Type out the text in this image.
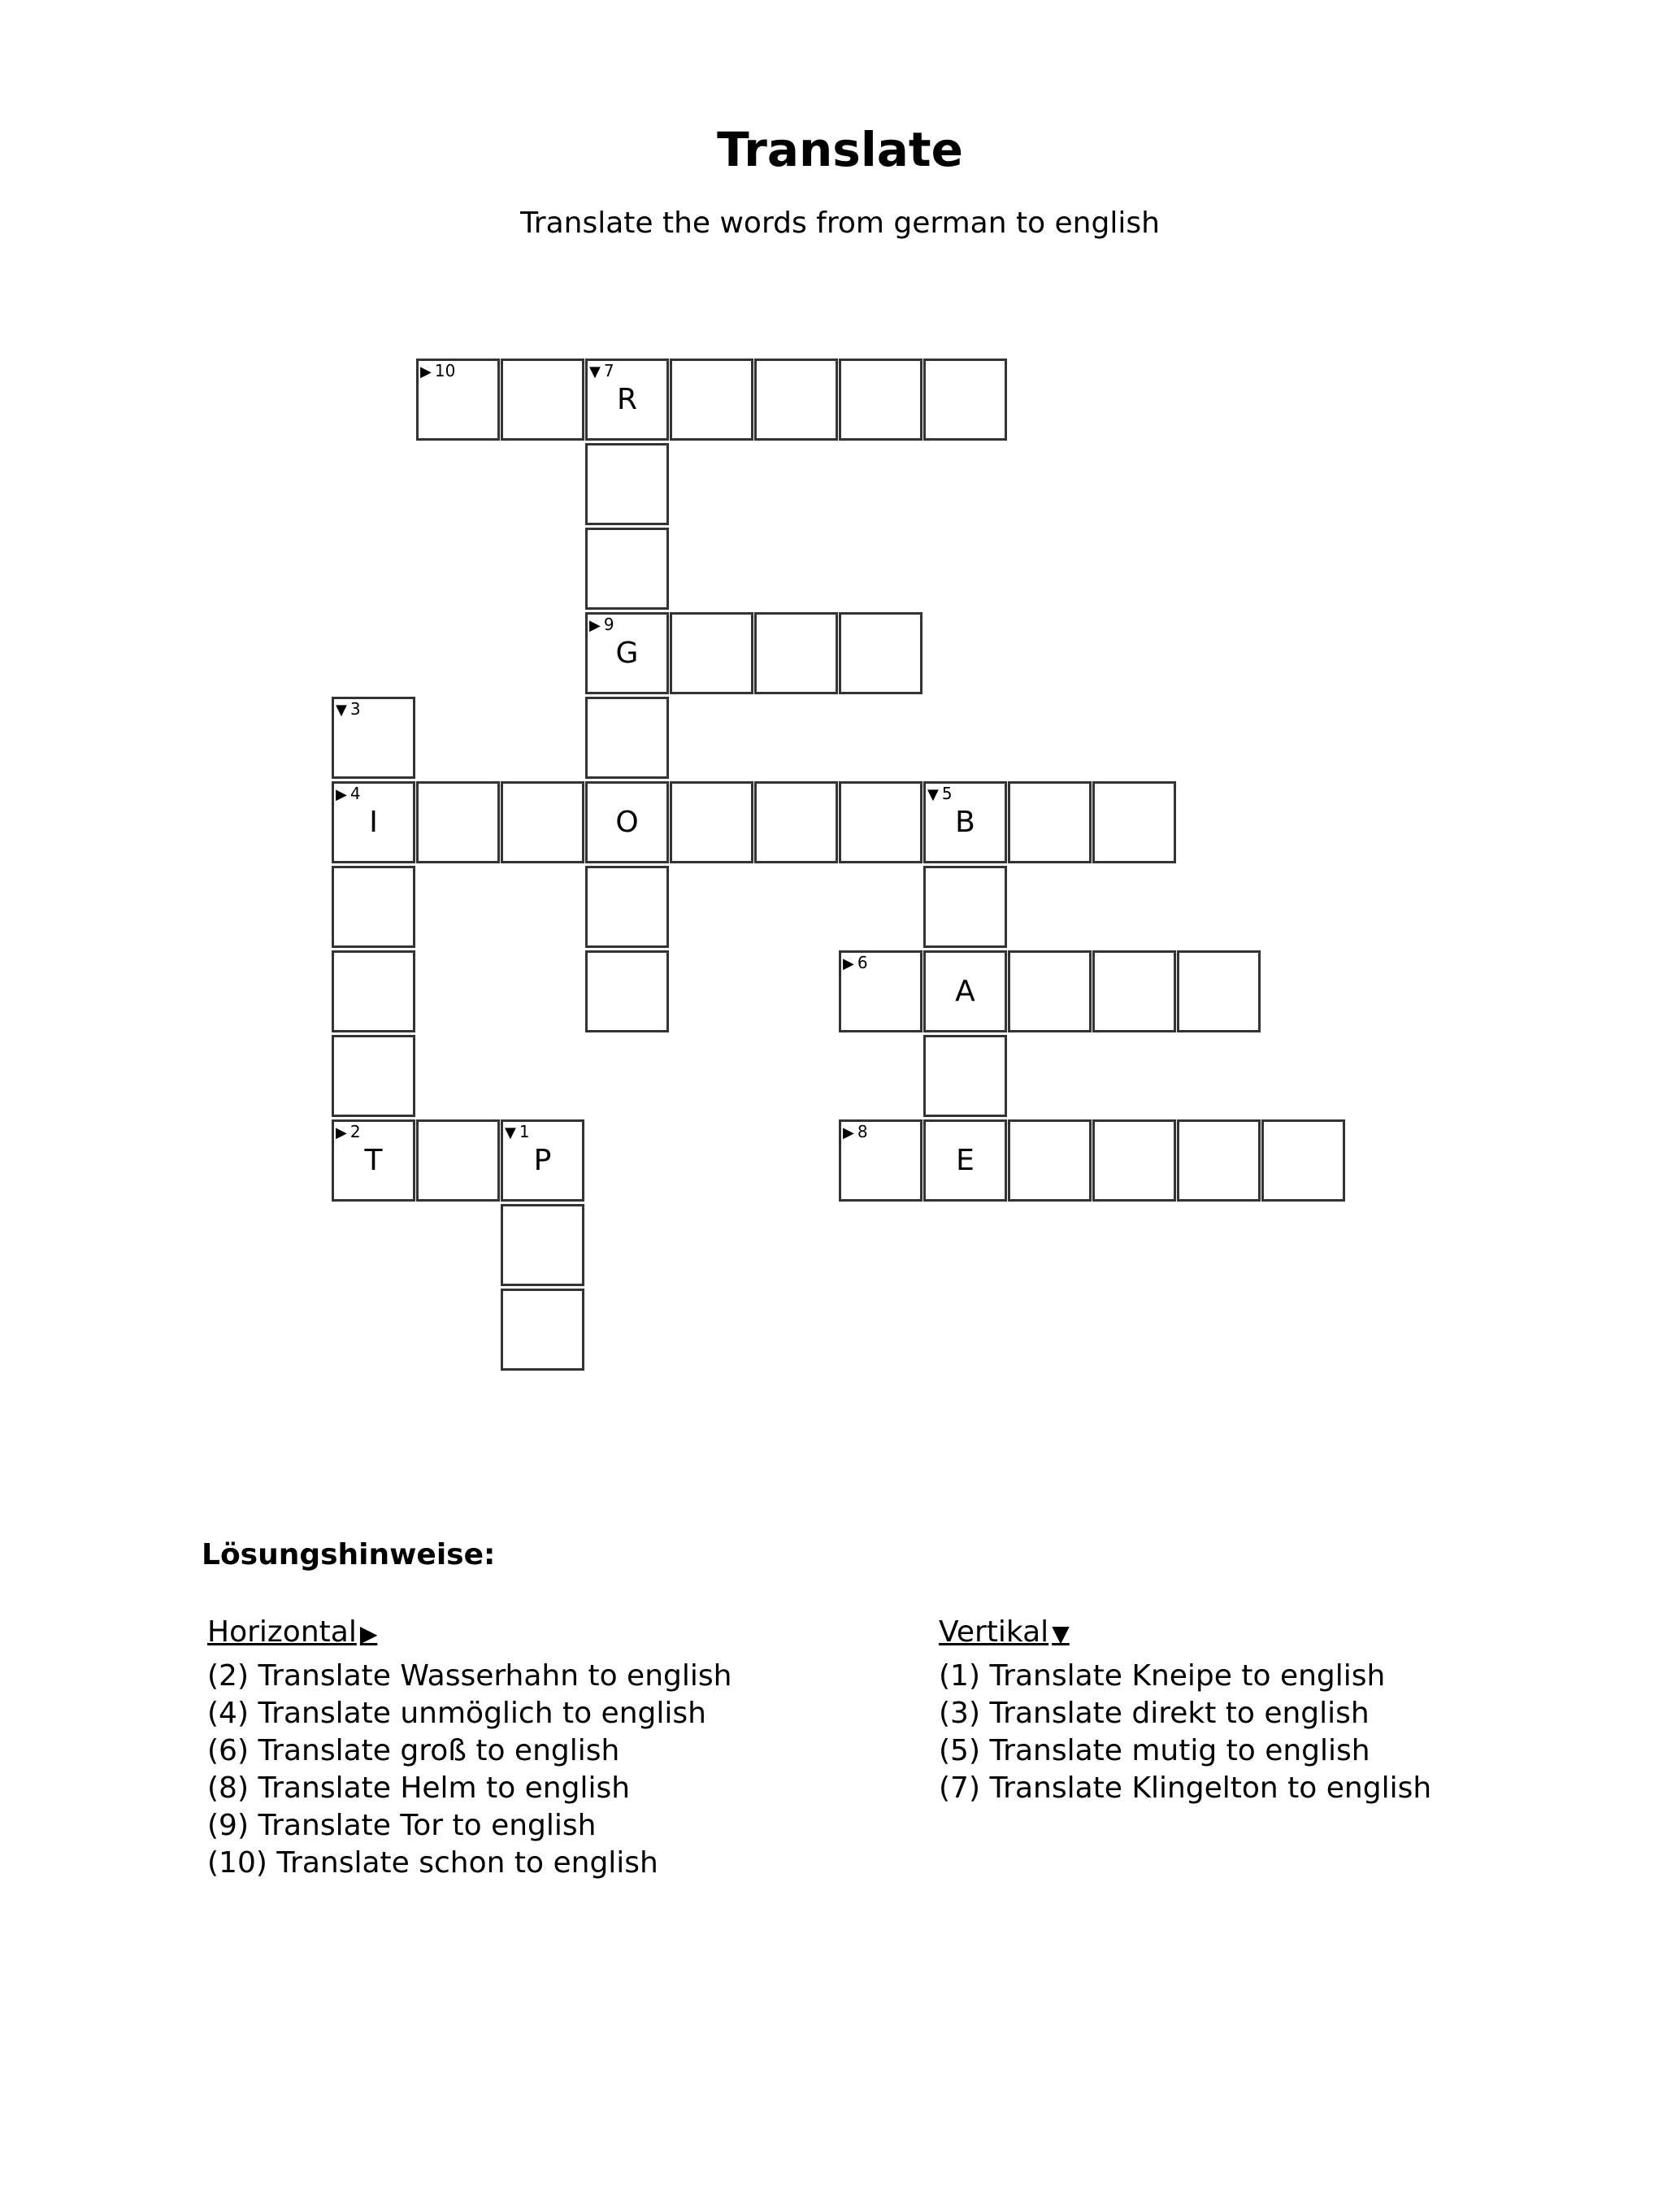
Translate
Translate the words from german to english
▶ 10	▼ 7
R
▶ 9
G
▼ 3
▶ 4
I	O
▼ 5
B
▶ 6
A
▶ 2
T
▼ 1
P
▶ 8
E
Lösungshinweise:
Horizontal ▶
(2) Translate Wasserhahn to english
(4) Translate unmöglich to english
(6) Translate groß to english
(8) Translate Helm to english
(9) Translate Tor to english
(10) Translate schon to english
Vertikal ▼
(1) Translate Kneipe to english
(3) Translate direkt to english
(5) Translate mutig to english
(7) Translate Klingelton to english
